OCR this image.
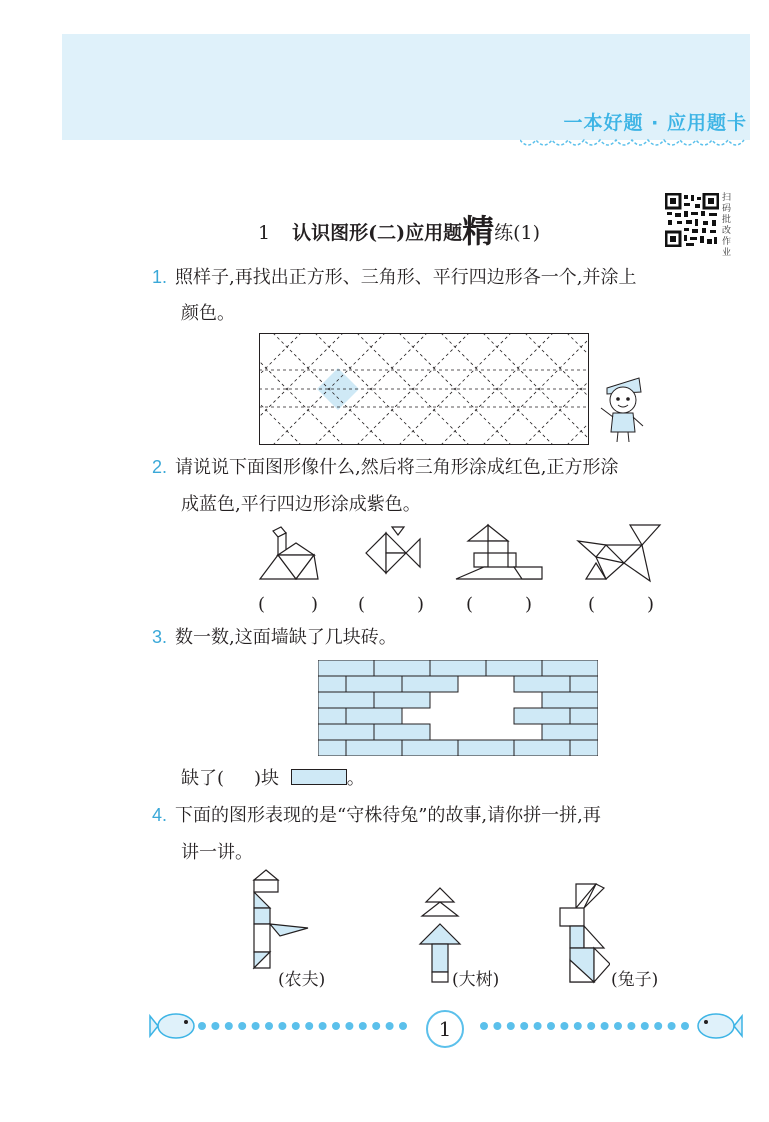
一本好题 · 应用题卡
1 认识图形(二)应用题精练(1)
扫码批改作业
1. 照样子,再找出正方形、三角形、平行四边形各一个,并涂上
颜色。
2. 请说说下面图形像什么,然后将三角形涂成红色,正方形涂
成蓝色,平行四边形涂成紫色。
(	) (	) (	)	(	)
3. 数一数,这面墙缺了几块砖。
缺了( )块	。
4. 下面的图形表现的是“守株待兔”的故事,请你拼一拼,再
讲一讲。
(农夫)	(大树)	(兔子)
1
